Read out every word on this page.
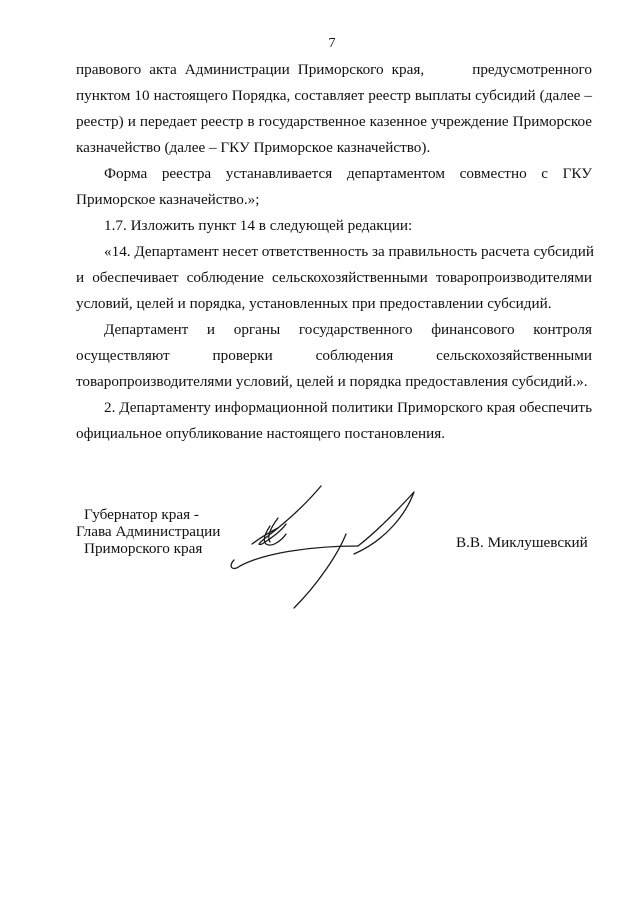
7
правового акта Администрации Приморского края,      предусмотренного
пунктом 10 настоящего Порядка, составляет реестр выплаты субсидий (далее –
реестр) и передает реестр в государственное казенное учреждение Приморское
казначейство (далее – ГКУ Приморское казначейство).
Форма реестра устанавливается департаментом совместно с ГКУ
Приморское казначейство.»;
1.7. Изложить пункт 14 в следующей редакции:
«14. Департамент несет ответственность за правильность расчета субсидий
и обеспечивает соблюдение сельскохозяйственными товаропроизводителями
условий, целей и порядка, установленных при предоставлении субсидий.
Департамент и органы государственного финансового контроля
осуществляют проверки соблюдения сельскохозяйственными
товаропроизводителями условий, целей и порядка предоставления субсидий.».
2. Департаменту информационной политики Приморского края обеспечить
официальное опубликование настоящего постановления.
Губернатор края -
Глава Администрации
Приморского края	В.В. Миклушевский
